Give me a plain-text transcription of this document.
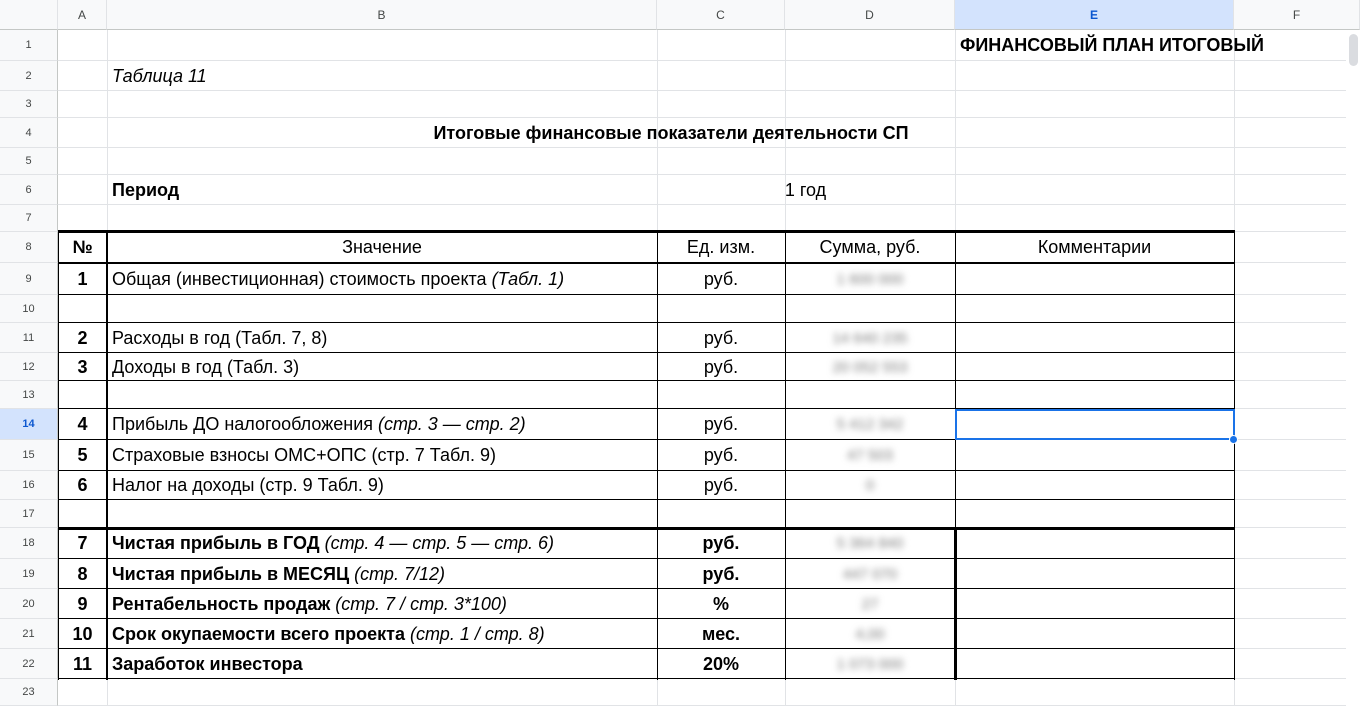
A	B	C	D	E	F
1
2
3
4
5
6
7
8
9
10
11
12
13
14
15
16
17
18
19
20
21
22
23
ФИНАНСОВЫЙ ПЛАН ИТОГОВЫЙ
Таблица 11
Итоговые финансовые показатели деятельности СП
Период	1 год
№	Значение	Ед. изм.	Сумма, руб.	Комментарии
1	Общая (инвестиционная) стоимость проекта (Табл. 1)	руб.	1 600 000
2	Расходы в год (Табл. 7, 8)	руб.	14 640 235
3	Доходы в год (Табл. 3)	руб.	20 052 553
4	Прибыль ДО налогообложения (стр. 3 — стр. 2)	руб.	5 412 342
5	Страховые взносы ОМС+ОПС (стр. 7 Табл. 9)	руб.	47 503
6	Налог на доходы (стр. 9 Табл. 9)	руб.	0
7	Чистая прибыль в ГОД (стр. 4 — стр. 5 — стр. 6)	руб.	5 364 840
8	Чистая прибыль в МЕСЯЦ (стр. 7/12)	руб.	447 070
9	Рентабельность продаж (стр. 7 / стр. 3*100)	%	27
10	Срок окупаемости всего проекта (стр. 1 / стр. 8)	мес.	4,00
11	Заработок инвестора	20%	1 073 000
